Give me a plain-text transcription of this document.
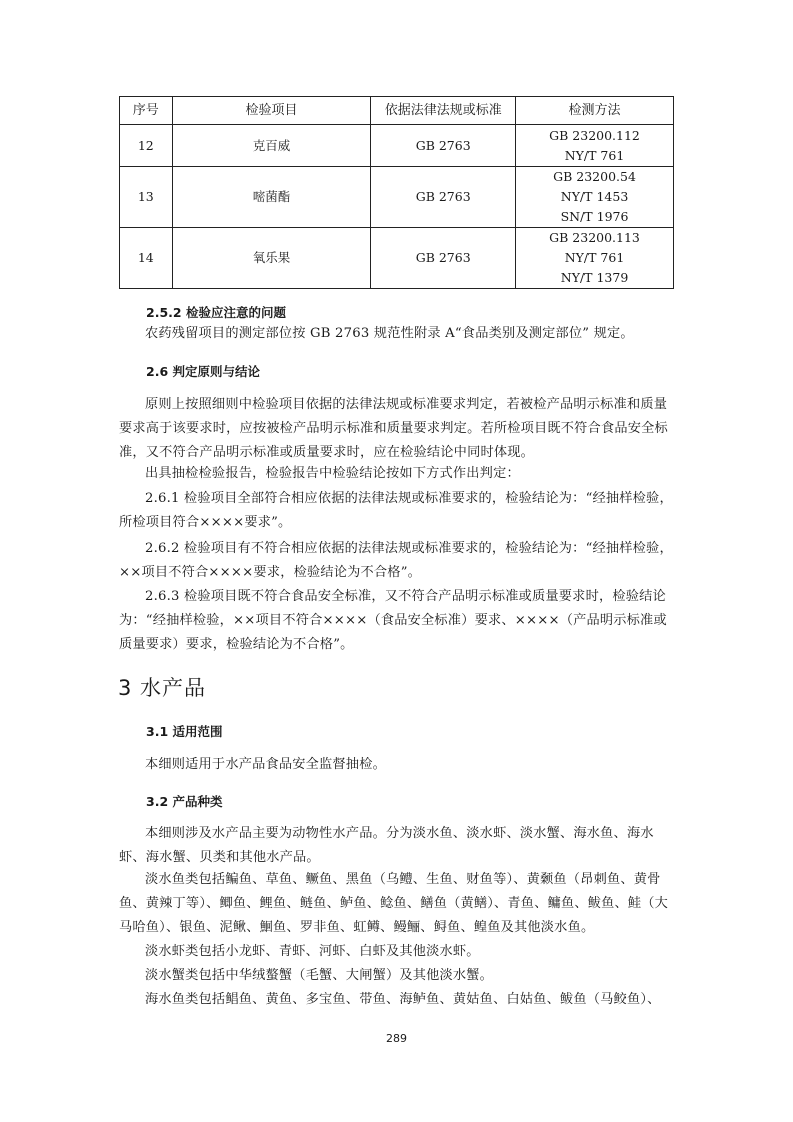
序号	检验项目	依据法律法规或标准	检测方法
12	克百威	GB 2763	GB 23200.112
NY/T 761

13	嘧菌酯	GB 2763	GB 23200.54
NY/T 1453
SN/T 1976

14	氧乐果	GB 2763	GB 23200.113
NY/T 761
NY/T 1379
2.5.2 检验应注意的问题
农药残留项目的测定部位按 GB 2763 规范性附录 A“食品类别及测定部位” 规定。
2.6 判定原则与结论
原则上按照细则中检验项目依据的法律法规或标准要求判定，若被检产品明示标准和质量要求高于该要求时，应按被检产品明示标准和质量要求判定。若所检项目既不符合食品安全标准，又不符合产品明示标准或质量要求时，应在检验结论中同时体现。
出具抽检检验报告，检验报告中检验结论按如下方式作出判定：
2.6.1 检验项目全部符合相应依据的法律法规或标准要求的，检验结论为：“经抽样检验，所检项目符合××××要求”。
2.6.2 检验项目有不符合相应依据的法律法规或标准要求的，检验结论为：“经抽样检验，××项目不符合××××要求，检验结论为不合格”。
2.6.3 检验项目既不符合食品安全标准，又不符合产品明示标准或质量要求时，检验结论为：“经抽样检验，××项目不符合××××（食品安全标准）要求、××××（产品明示标准或质量要求）要求，检验结论为不合格”。
3 水产品
3.1 适用范围
本细则适用于水产品食品安全监督抽检。
3.2 产品种类
本细则涉及水产品主要为动物性水产品。分为淡水鱼、淡水虾、淡水蟹、海水鱼、海水虾、海水蟹、贝类和其他水产品。
淡水鱼类包括鳊鱼、草鱼、鳜鱼、黑鱼（乌鳢、生鱼、财鱼等）、黄颡鱼（昂刺鱼、黄骨鱼、黄辣丁等）、鲫鱼、鲤鱼、鲢鱼、鲈鱼、鲶鱼、鳝鱼（黄鳝）、青鱼、鳙鱼、鲅鱼、鲑（大马哈鱼）、银鱼、泥鳅、鮰鱼、罗非鱼、虹鳟、鳗鲡、鲟鱼、鳇鱼及其他淡水鱼。
淡水虾类包括小龙虾、青虾、河虾、白虾及其他淡水虾。
淡水蟹类包括中华绒螯蟹（毛蟹、大闸蟹）及其他淡水蟹。
海水鱼类包括鲳鱼、黄鱼、多宝鱼、带鱼、海鲈鱼、黄姑鱼、白姑鱼、鲅鱼（马鲛鱼）、
289
